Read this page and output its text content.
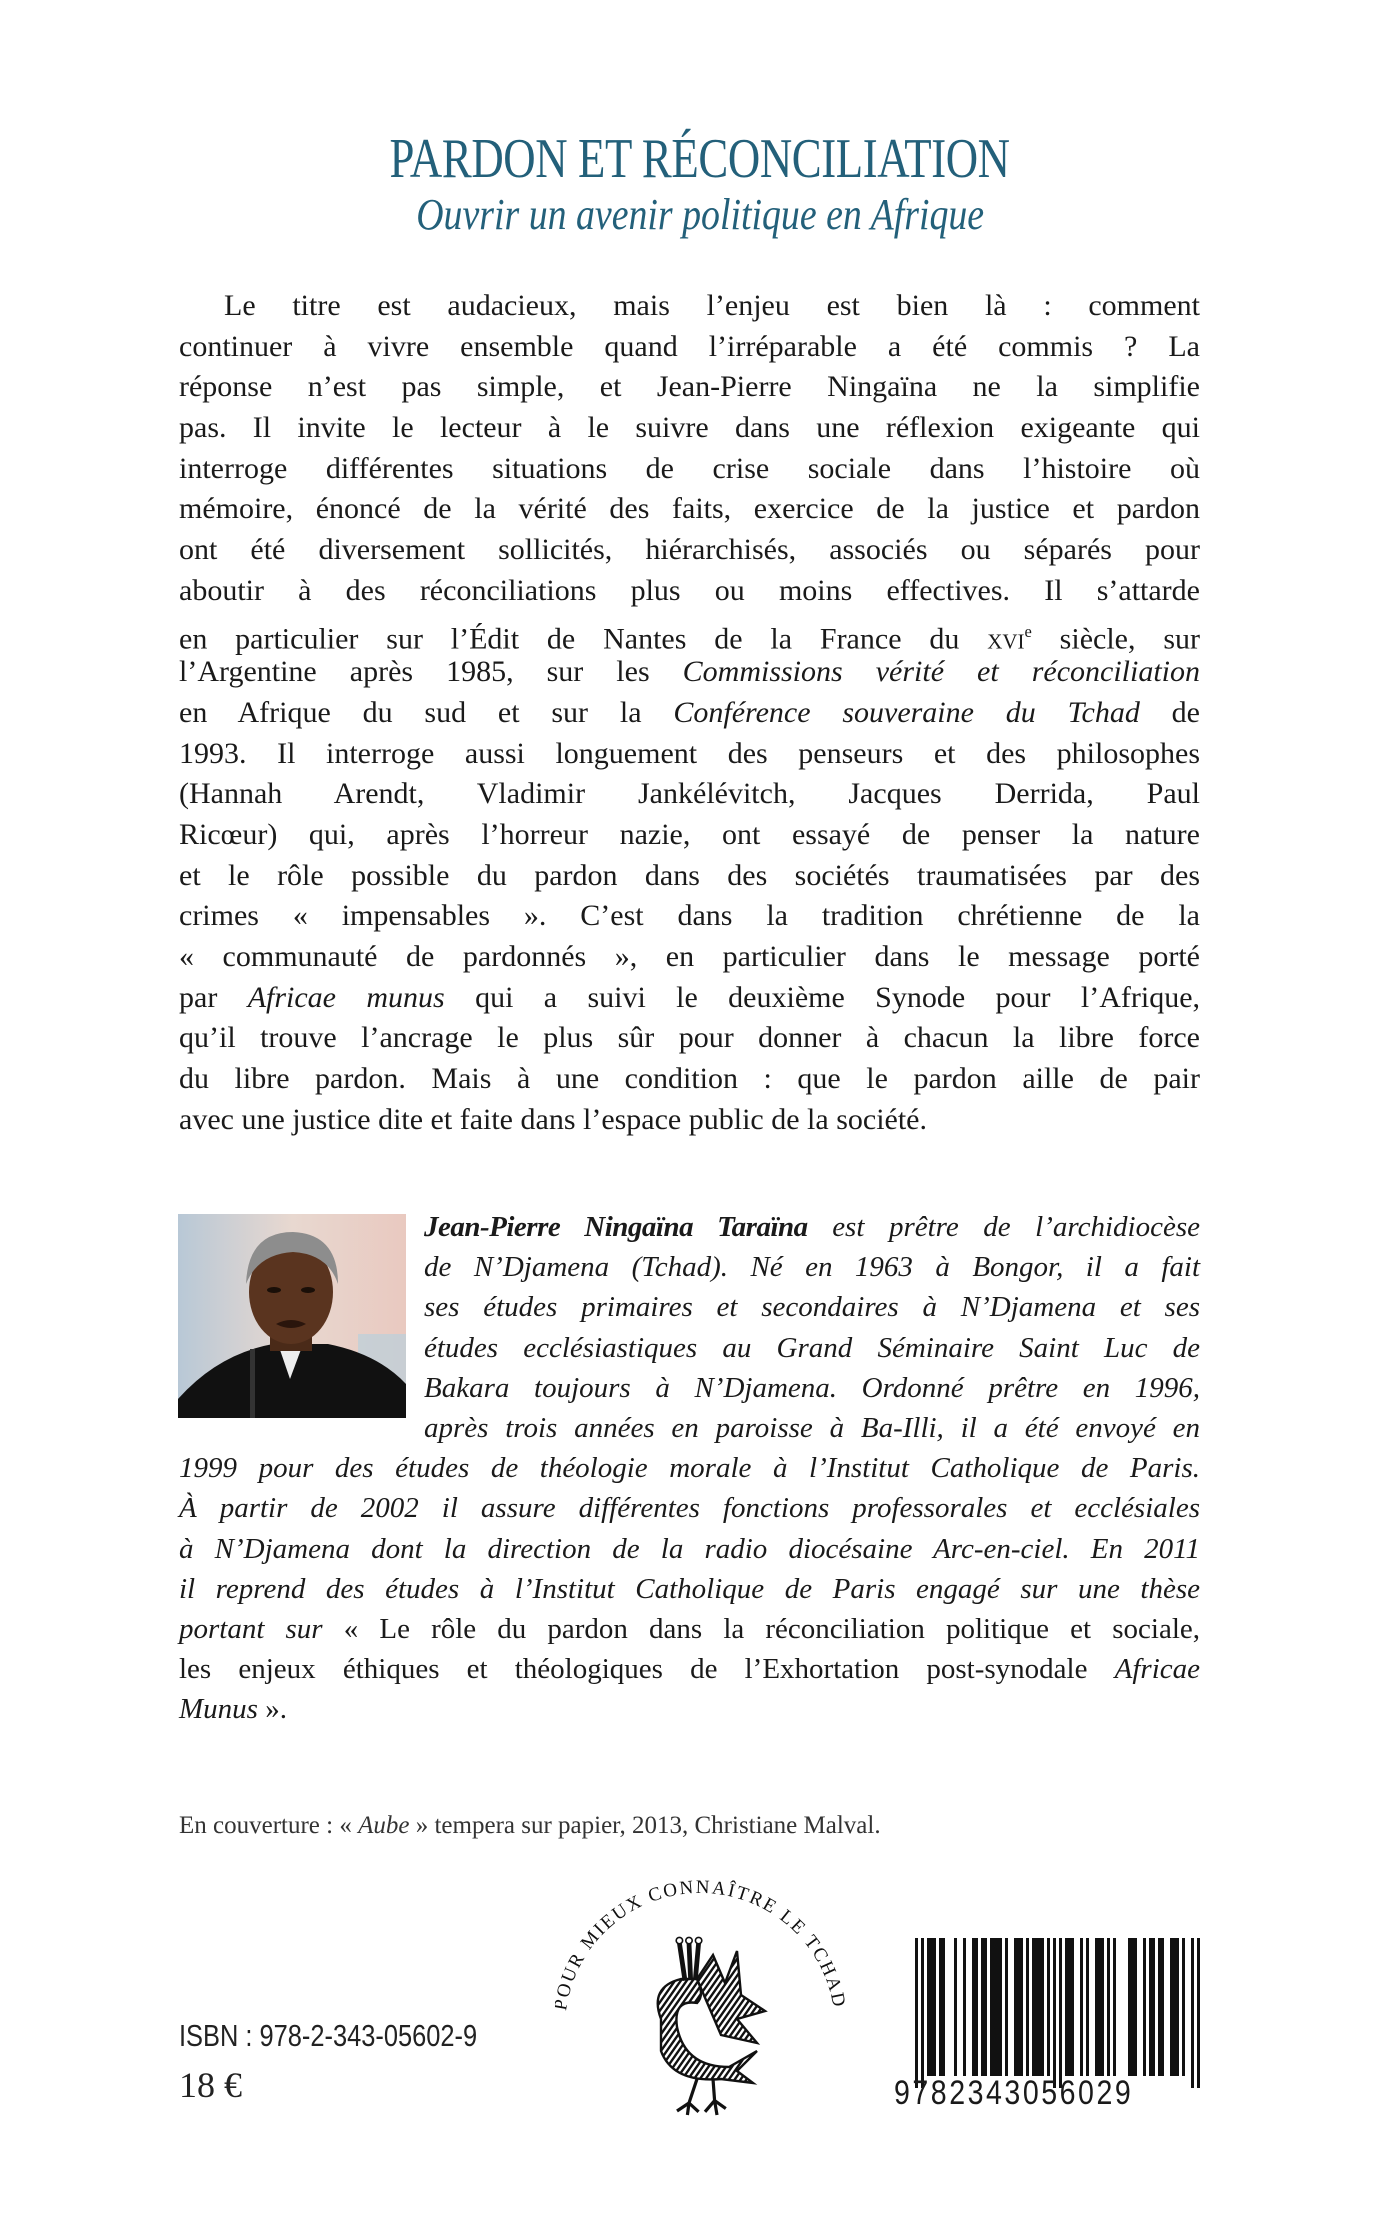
PARDON ET RÉCONCILIATION
Ouvrir un avenir politique en Afrique
Le titre est audacieux, mais l’enjeu est bien là : comment
continuer à vivre ensemble quand l’irréparable a été commis ? La
réponse n’est pas simple, et Jean-Pierre Ningaïna ne la simplifie
pas. Il invite le lecteur à le suivre dans une réflexion exigeante qui
interroge différentes situations de crise sociale dans l’histoire où
mémoire, énoncé de la vérité des faits, exercice de la justice et pardon
ont été diversement sollicités, hiérarchisés, associés ou séparés pour
aboutir à des réconciliations plus ou moins effectives. Il s’attarde
en particulier sur l’Édit de Nantes de la France du xvi$^e$ siècle, sur
l’Argentine après 1985, sur les Commissions vérité et réconciliation
en Afrique du sud et sur la Conférence souveraine du Tchad de
1993. Il interroge aussi longuement des penseurs et des philosophes
(Hannah Arendt, Vladimir Jankélévitch, Jacques Derrida, Paul
Ricœur) qui, après l’horreur nazie, ont essayé de penser la nature
et le rôle possible du pardon dans des sociétés traumatisées par des
crimes « impensables ». C’est dans la tradition chrétienne de la
« communauté de pardonnés », en particulier dans le message porté
par Africae munus qui a suivi le deuxième Synode pour l’Afrique,
qu’il trouve l’ancrage le plus sûr pour donner à chacun la libre force
du libre pardon. Mais à une condition : que le pardon aille de pair
avec une justice dite et faite dans l’espace public de la société.
Jean-Pierre Ningaïna Taraïna est prêtre de l’archidiocèse
de N’Djamena (Tchad). Né en 1963 à Bongor, il a fait
ses études primaires et secondaires à N’Djamena et ses
études ecclésiastiques au Grand Séminaire Saint Luc de
Bakara toujours à N’Djamena. Ordonné prêtre en 1996,
après trois années en paroisse à Ba-Illi, il a été envoyé en
1999 pour des études de théologie morale à l’Institut Catholique de Paris.
À partir de 2002 il assure différentes fonctions professorales et ecclésiales
à N’Djamena dont la direction de la radio diocésaine Arc-en-ciel. En 2011
il reprend des études à l’Institut Catholique de Paris engagé sur une thèse
portant sur « Le rôle du pardon dans la réconciliation politique et sociale,
les enjeux éthiques et théologiques de l’Exhortation post-synodale Africae
Munus ».
En couverture : « Aube » tempera sur papier, 2013, Christiane Malval.
OUR MIEUX CONNAÎTRE LE TCHA
ISBN : 978-2-343-05602-9
18 €	9782343056029
